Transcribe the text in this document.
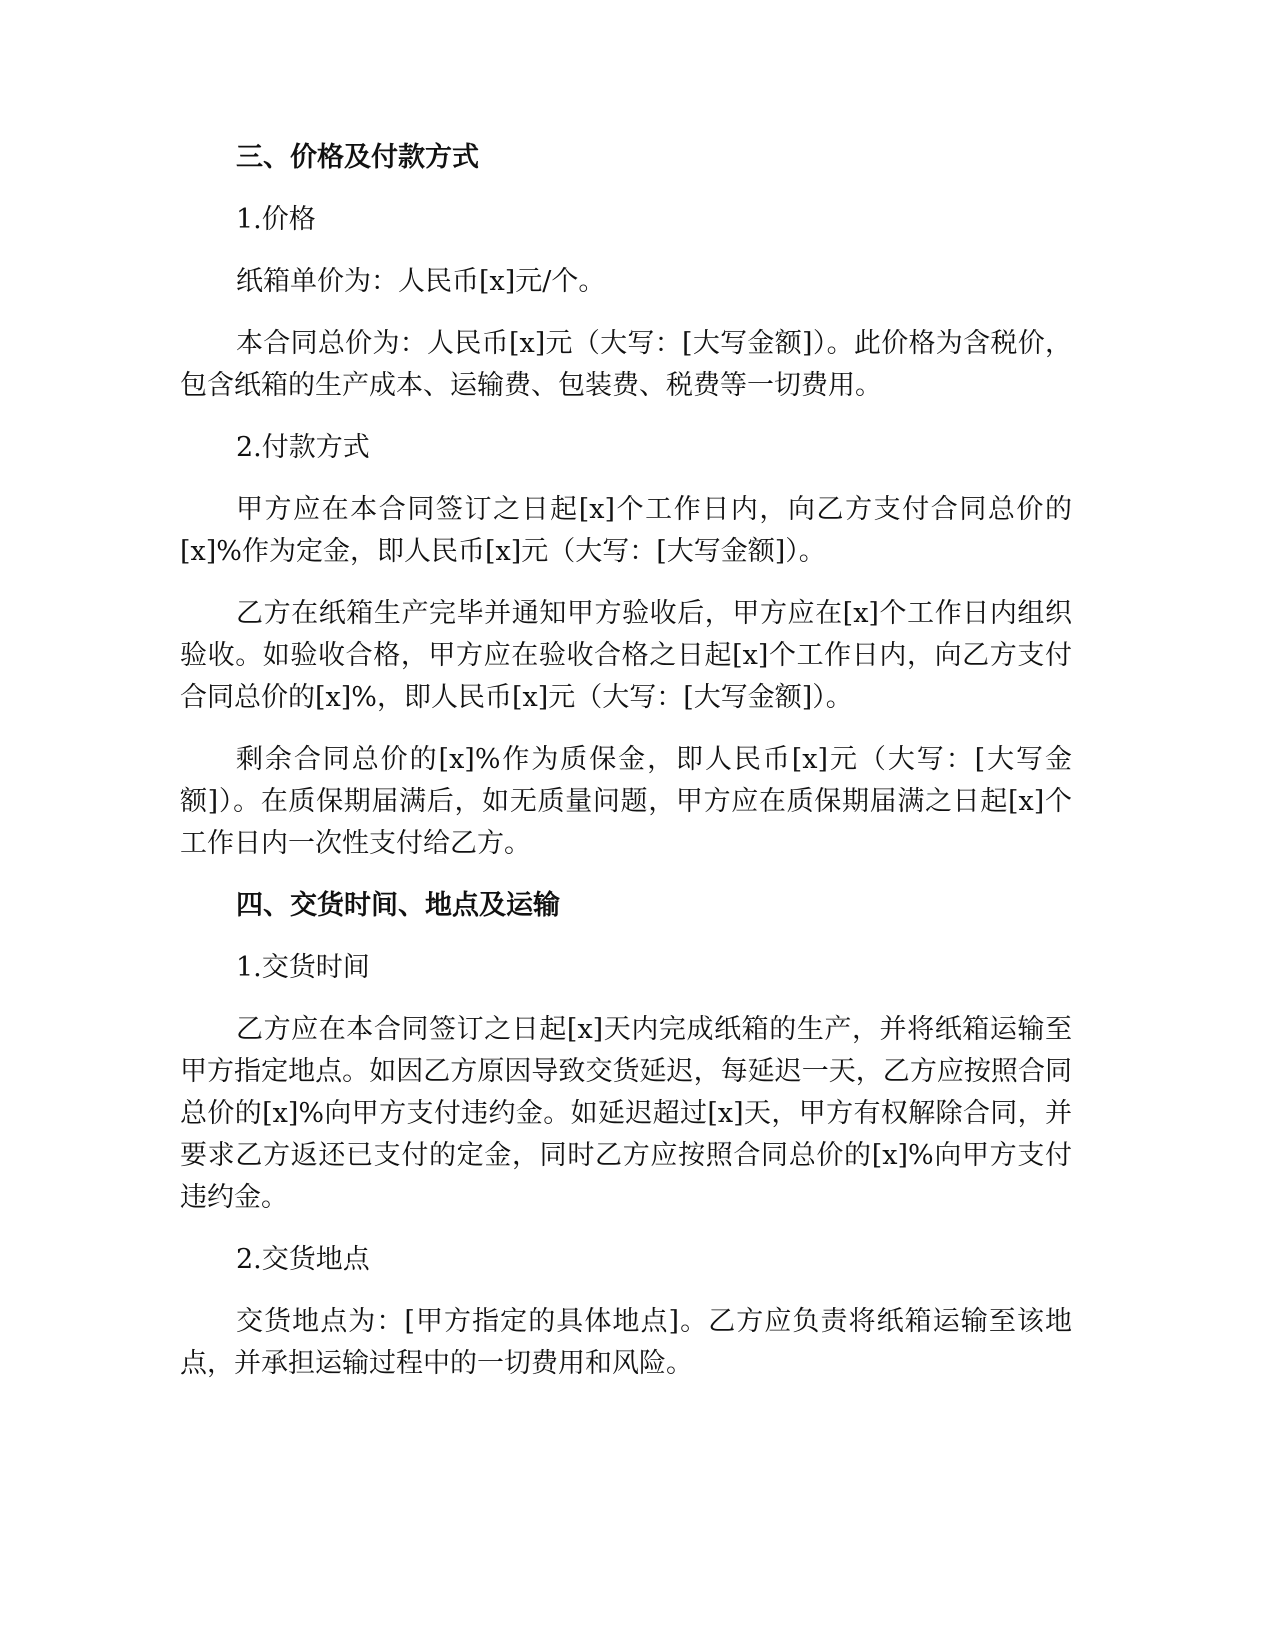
三、价格及付款方式
1.价格
纸箱单价为：人民币[x]元/个。
本合同总价为：人民币[x]元（大写：[大写金额]）。此价格为含税价，包含纸箱的生产成本、运输费、包装费、税费等一切费用。
2.付款方式
甲方应在本合同签订之日起[x]个工作日内，向乙方支付合同总价的[x]%作为定金，即人民币[x]元（大写：[大写金额]）。
乙方在纸箱生产完毕并通知甲方验收后，甲方应在[x]个工作日内组织验收。如验收合格，甲方应在验收合格之日起[x]个工作日内，向乙方支付合同总价的[x]%，即人民币[x]元（大写：[大写金额]）。
剩余合同总价的[x]%作为质保金，即人民币[x]元（大写：[大写金额]）。在质保期届满后，如无质量问题，甲方应在质保期届满之日起[x]个工作日内一次性支付给乙方。
四、交货时间、地点及运输
1.交货时间
乙方应在本合同签订之日起[x]天内完成纸箱的生产，并将纸箱运输至甲方指定地点。如因乙方原因导致交货延迟，每延迟一天，乙方应按照合同总价的[x]%向甲方支付违约金。如延迟超过[x]天，甲方有权解除合同，并要求乙方返还已支付的定金，同时乙方应按照合同总价的[x]%向甲方支付违约金。
2.交货地点
交货地点为：[甲方指定的具体地点]。乙方应负责将纸箱运输至该地点，并承担运输过程中的一切费用和风险。
